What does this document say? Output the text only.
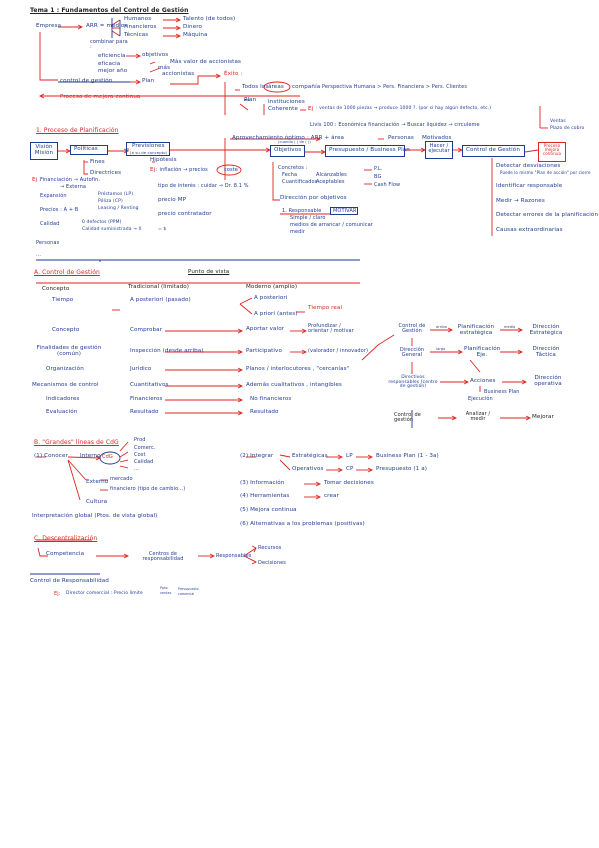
Tema 1 : Fundamentos del Control de Gestión
Empresa	ARR = medios
Humanos
Financieros
Técnicas
Talento (de todos)
Dinero
Máquina
combinar para :
eficiencia
eficacia
mejor año
objetivos
Más valor de accionistas
más
accionistas
control de gestión	Plan
Éxito :
Proceso de mejora continua
Todos los áreas compañía Perspectiva Humana > Pers. Financiera > Pers. Clientes
Plan Instituciones
Coherente Ej : ventas de 1000 piezas → produce 1000 ?. (por si hay algún defecto, etc.)
Livis 100 : Económica financiación → Buscar liquidez → circuleme
Ventas
Plazo de cobro
Aprovechamiento óptimo : ARR + área	Personas Motivados
1. Proceso de Planificación
Visión Misión
Políticas	Previsiones
(a su de concepto)	Objetivos
(cuando ( ) de ( ))
Presupuesto / Business Plan
Hacer / ejecutar	Control de Gestión
Proceso mejora continua
Fines
Directrices
Hipótesis
Ej : inflación → precios	coste
tipo de interés : cuidar → Dr. 8.1 %
precio MP
precio contratador
Ej Financiación → Autofin.
→ Externa
Expansión
Precios : A + B
Calidad
Personas
...
Préstamos (LP)
Póliza (CP)
Leasing / Renting
0 defectos (PPM)
Calidad suministrada → X	= $
Concretos :
Fecha
Cuantificados
Alcanzables
Aceptables
Dirección por objetivos
1. Responsable MOTIVAR
Simple / claro
medios de arrancar / comunicar
medir
P.L.
BG
Cash Flow
Detectar desviaciones
Puede lo mismo "Plan de acción" por cierre
Identificar responsable
Medir → Razones
Detectar errores de la planificación
Causas extraordinarias
A. Control de Gestión	Punto de vista
Concepto	Tradicional (limitado)	Moderno (amplio)
Tiempo	A posteriori (pasado)	A posteriori
A priori (antes)
Tiempo real
Concepto	Comprobar	Aportar valor	Profundizar / orientar / motivar
Finalidades de gestión (común)	Inspección (desde arriba)	Participativo	(valorador / innovador)
Organización	Jurídico	Planos / interlocutores , "cercanías"
Mecanismos de control	Cuantitativos	Además cualitativos , intangibles
Indicadores	Financieros	No financieros
Evaluación	Resultado	Resultado
Control de Gestión
arriba	medio
Planificación estratégica
Dirección Estratégica
Dirección General
largo	Planificación Eje.
Dirección Táctica
Directivos responsables (centro de gestión)
Acciones	Dirección operativa
Business Plan
Ejecución
Control de gestión
Analizar / medir	Mejorar
B. "Grandes" líneas de CdG
(1) Conocer Interno CdG
Prod
Comerc.
Cost
Calidad
...
Externo mercado
financiero (tipo de cambio...)
Cultura
Interpretación global (Ptos. de vista global)
(2) Integrar	Estratégicas	LP	Business Plan (1 - 3a)
Operativos	CP	Presupuesto (1 a)
(3) Información	Tomar decisiones
(4) Herramientas	crear
(5) Mejora continua
(6) Alternativas a los problemas (positivas)
C. Descentralización
Competencia	Centros de responsabilidad	Responsables
Recursos
Decisiones
Control de Responsabilidad
Ej: Director comercial : Precio límite
Ppto.
ventas
Presupuesto
comercial
